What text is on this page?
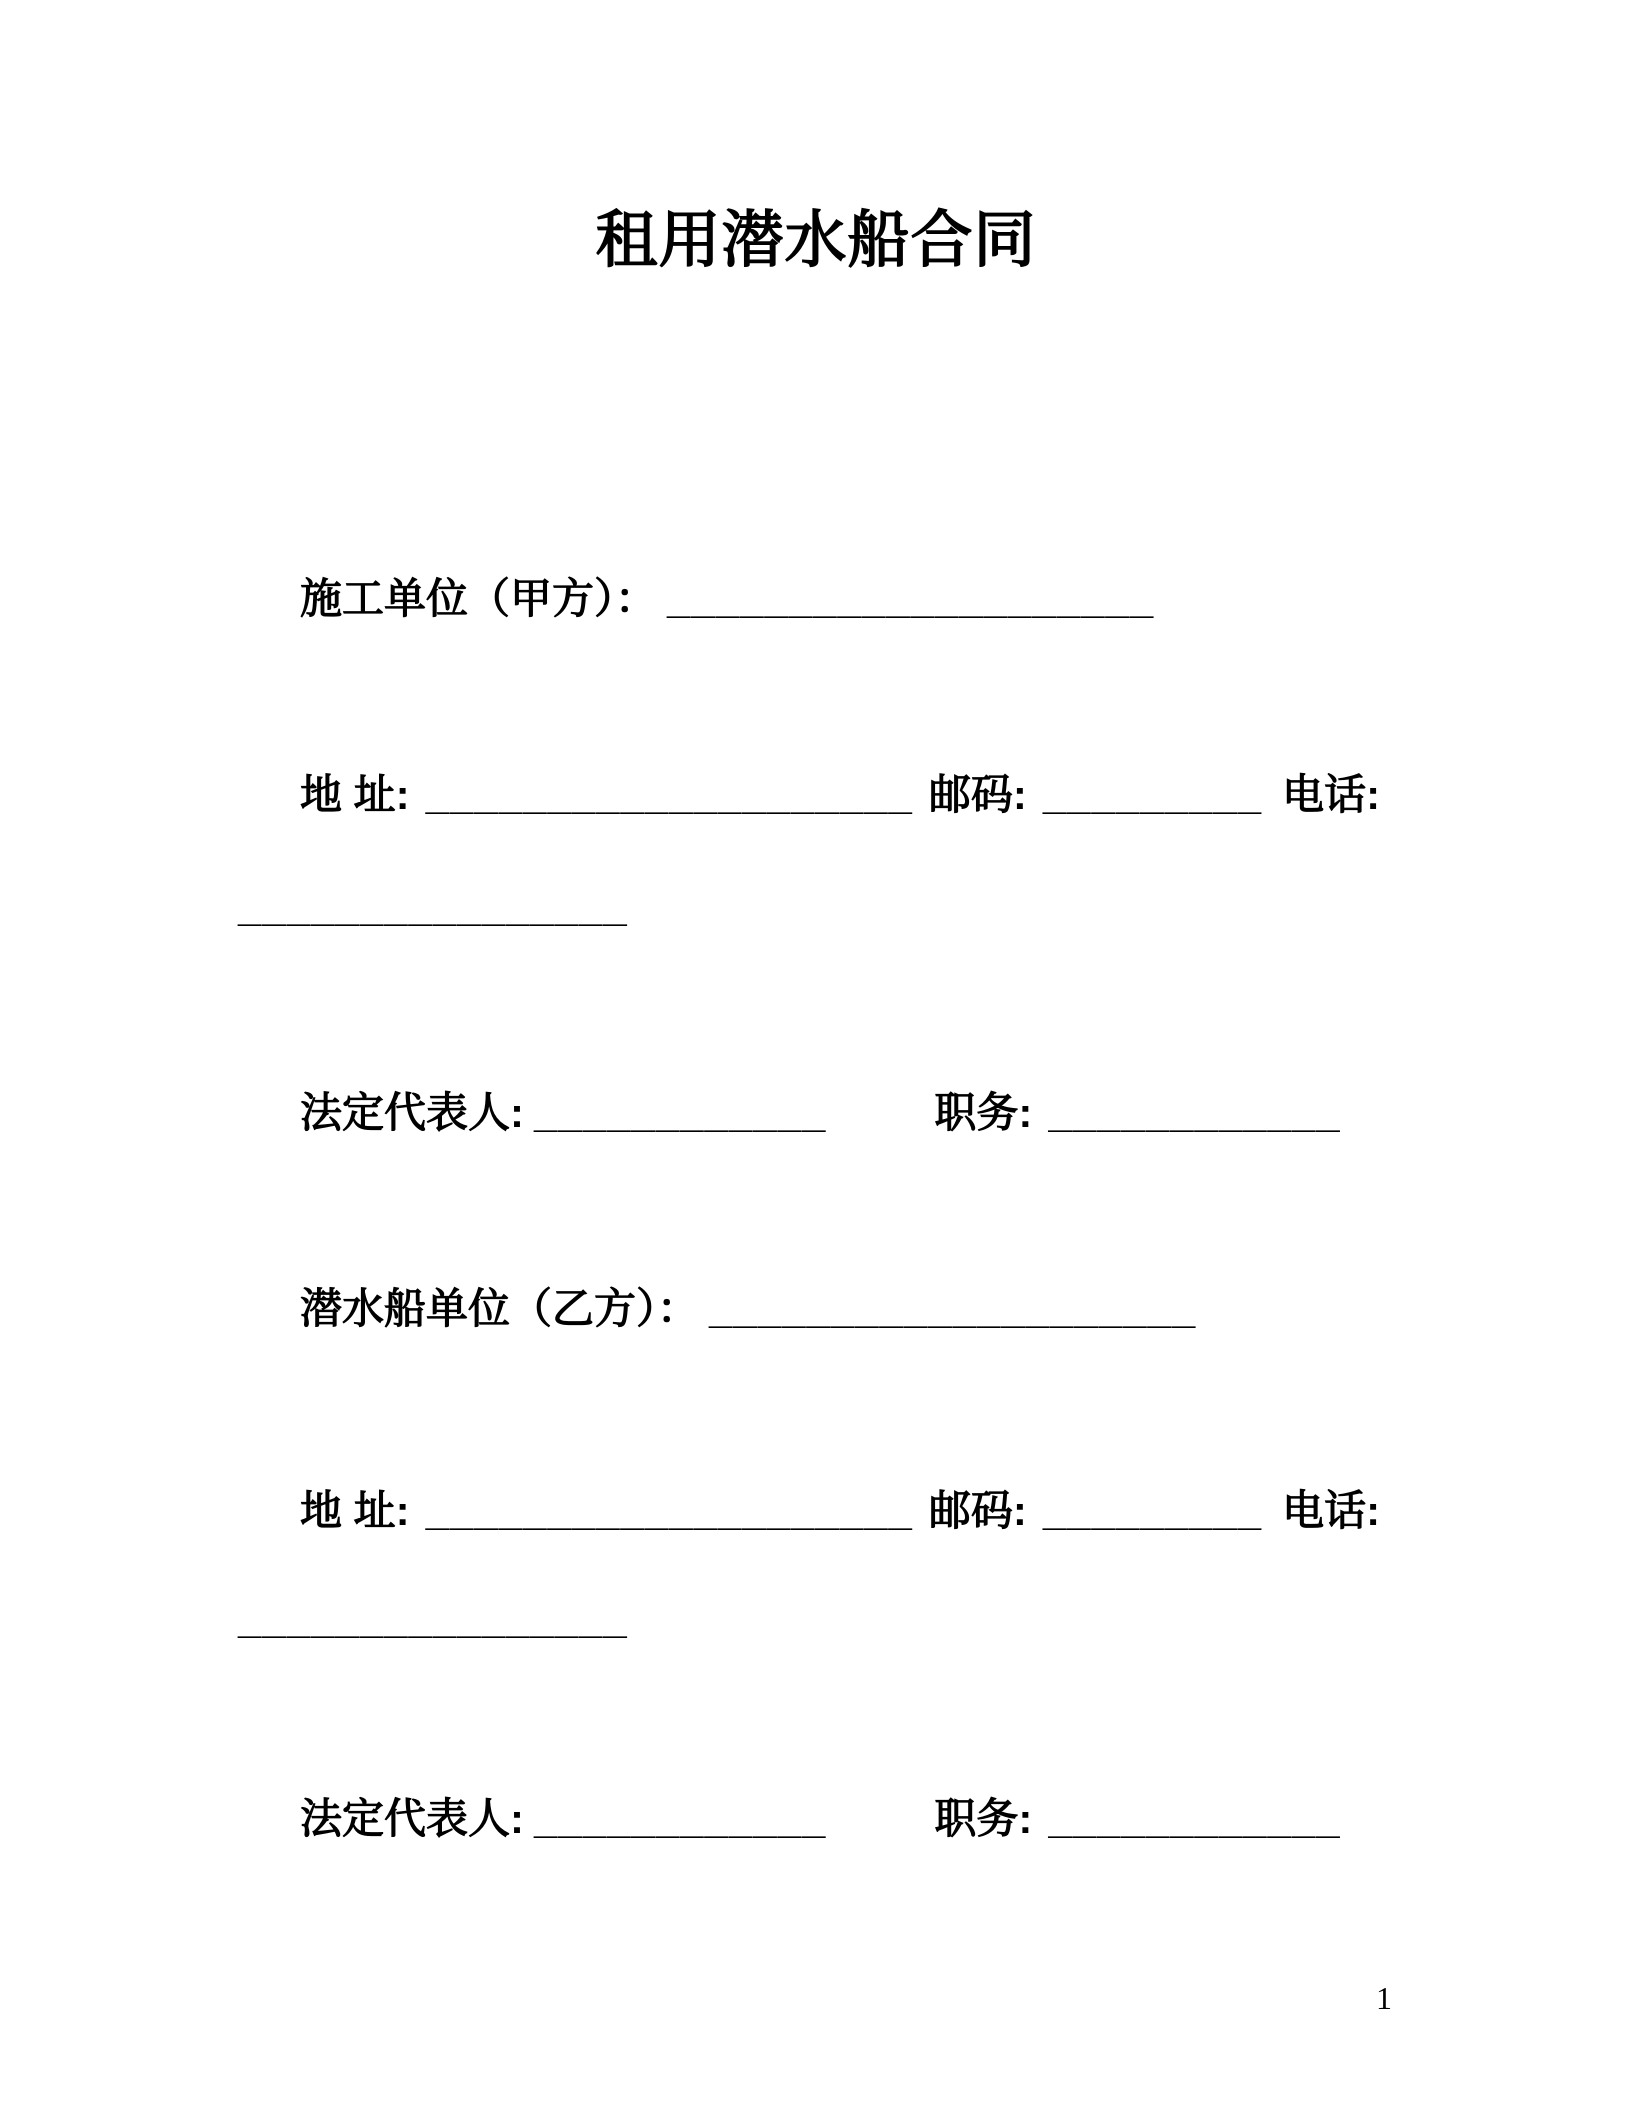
租用潜水船合同
施工单位（甲方）： ____________________
地 址: ____________________ 邮码: _________ 电话:
________________
法定代表人: ____________	职务: ____________
潜水船单位（乙方）： ____________________
地 址: ____________________ 邮码: _________ 电话:
________________
法定代表人: ____________	职务: ____________
1
